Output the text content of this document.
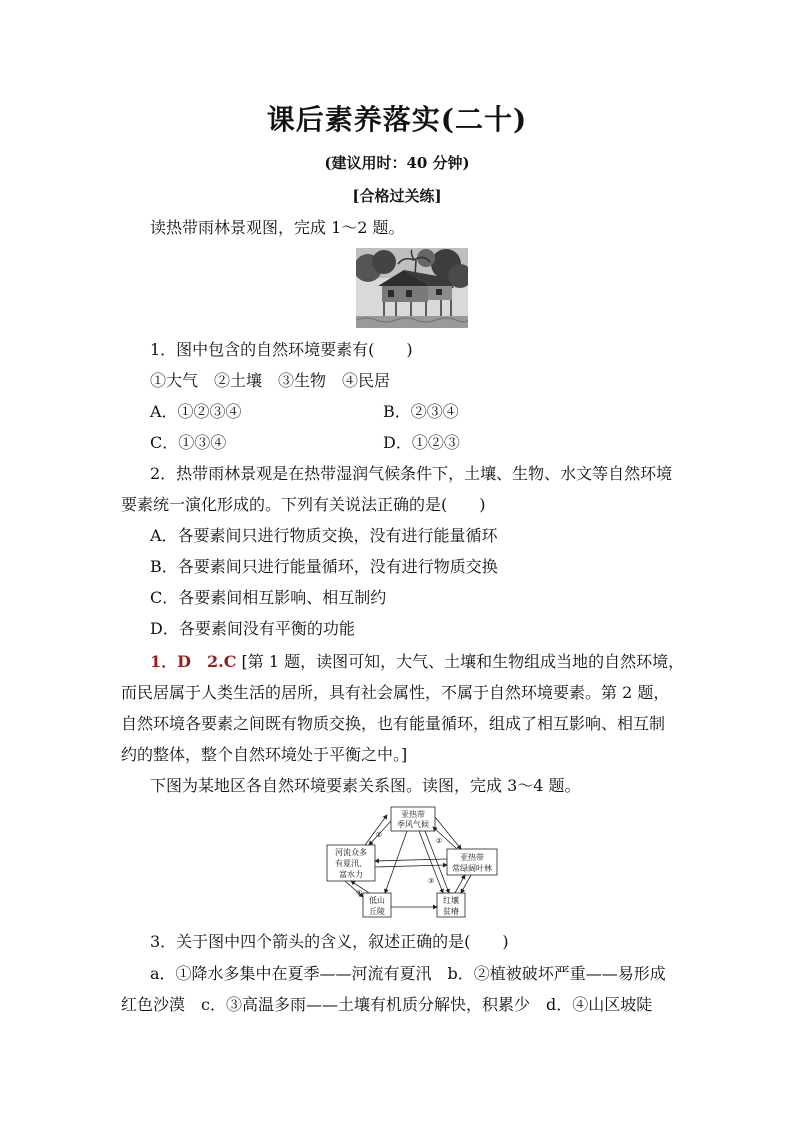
课后素养落实(二十)
(建议用时：40 分钟)
[合格过关练]
读热带雨林景观图，完成 1～2 题。
1．图中包含的自然环境要素有(　　)
①大气　②土壤　③生物　④民居
A．①②③④	B．②③④
C．①③④	D．①②③
2．热带雨林景观是在热带湿润气候条件下，土壤、生物、水文等自然环境
要素统一演化形成的。下列有关说法正确的是(　　)
A．各要素间只进行物质交换，没有进行能量循环
B．各要素间只进行能量循环，没有进行物质交换
C．各要素间相互影响、相互制约
D．各要素间没有平衡的功能
1．D　2.C [第 1 题，读图可知，大气、土壤和生物组成当地的自然环境，
而民居属于人类生活的居所，具有社会属性，不属于自然环境要素。第 2 题，
自然环境各要素之间既有物质交换，也有能量循环，组成了相互影响、相互制
约的整体，整个自然环境处于平衡之中。]
下图为某地区各自然环境要素关系图。读图，完成 3～4 题。
亚热带
季风气候
河流众多
有夏汛、
富水力
亚热带
常绿阔叶林
低山
丘陵
红壤
贫瘠
①
②
③
④
3．关于图中四个箭头的含义，叙述正确的是(　　)
a．①降水多集中在夏季——河流有夏汛　b．②植被破坏严重——易形成
红色沙漠　c．③高温多雨——土壤有机质分解快，积累少　d．④山区坡陡
